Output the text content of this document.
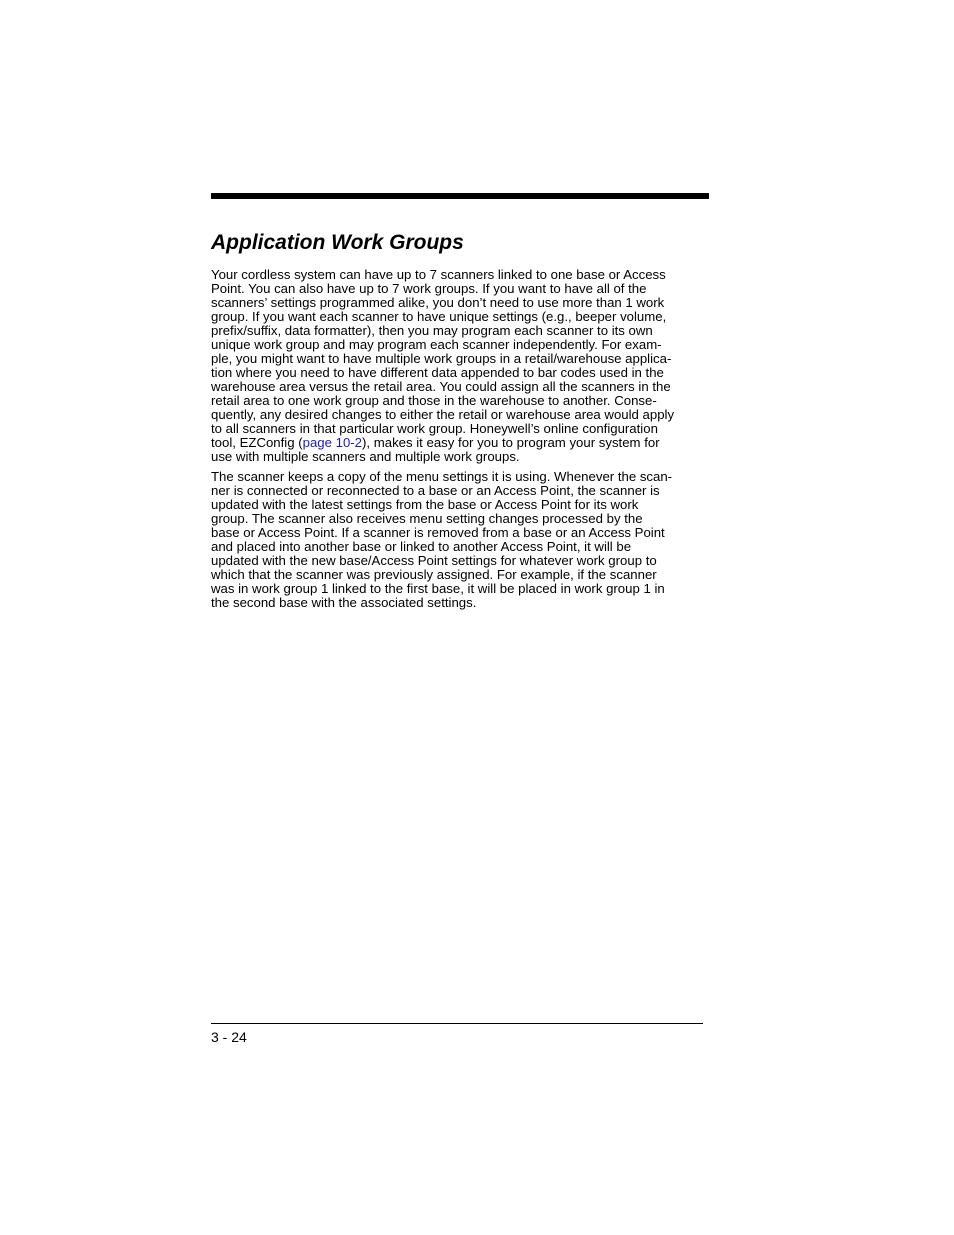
Application Work Groups

Your cordless system can have up to 7 scanners linked to one base or Access
Point. You can also have up to 7 work groups. If you want to have all of the
scanners’ settings programmed alike, you don’t need to use more than 1 work
group. If you want each scanner to have unique settings (e.g., beeper volume,
prefix/suffix, data formatter), then you may program each scanner to its own
unique work group and may program each scanner independently. For exam-
ple, you might want to have multiple work groups in a retail/warehouse applica-
tion where you need to have different data appended to bar codes used in the
warehouse area versus the retail area. You could assign all the scanners in the
retail area to one work group and those in the warehouse to another. Conse-
quently, any desired changes to either the retail or warehouse area would apply
to all scanners in that particular work group. Honeywell’s online configuration
tool, EZConfig (page 10-2), makes it easy for you to program your system for
use with multiple scanners and multiple work groups.

The scanner keeps a copy of the menu settings it is using. Whenever the scan-
ner is connected or reconnected to a base or an Access Point, the scanner is
updated with the latest settings from the base or Access Point for its work
group. The scanner also receives menu setting changes processed by the
base or Access Point. If a scanner is removed from a base or an Access Point
and placed into another base or linked to another Access Point, it will be
updated with the new base/Access Point settings for whatever work group to
which that the scanner was previously assigned. For example, if the scanner
was in work group 1 linked to the first base, it will be placed in work group 1 in
the second base with the associated settings.

3 - 24
